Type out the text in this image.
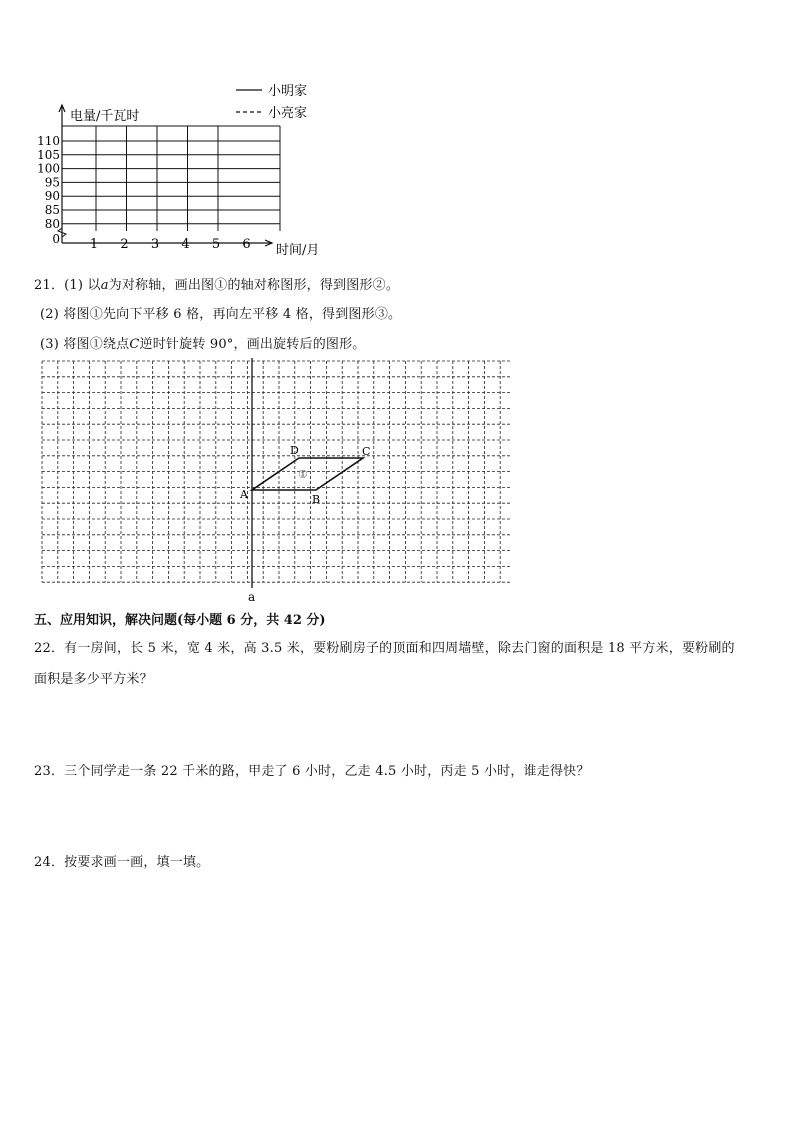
110
105
100
95
90
85
80
0 1 2 3 4 5 6
小明家
小亮家
电量/千瓦时
时间/月
21．(1) 以a为对称轴，画出图①的轴对称图形，得到图形②。
(2) 将图①先向下平移 6 格，再向左平移 4 格，得到图形③。
(3) 将图①绕点C逆时针旋转 90°，画出旋转后的图形。
A	B
C
D
①
a
五、应用知识，解决问题(每小题 6 分，共 42 分)
22．有一房间，长 5 米，宽 4 米，高 3.5 米，要粉刷房子的顶面和四周墙壁，除去门窗的面积是 18 平方米，要粉刷的
面积是多少平方米？
23．三个同学走一条 22 千米的路，甲走了 6 小时，乙走 4.5 小时，丙走 5 小时，谁走得快？
24．按要求画一画，填一填。
